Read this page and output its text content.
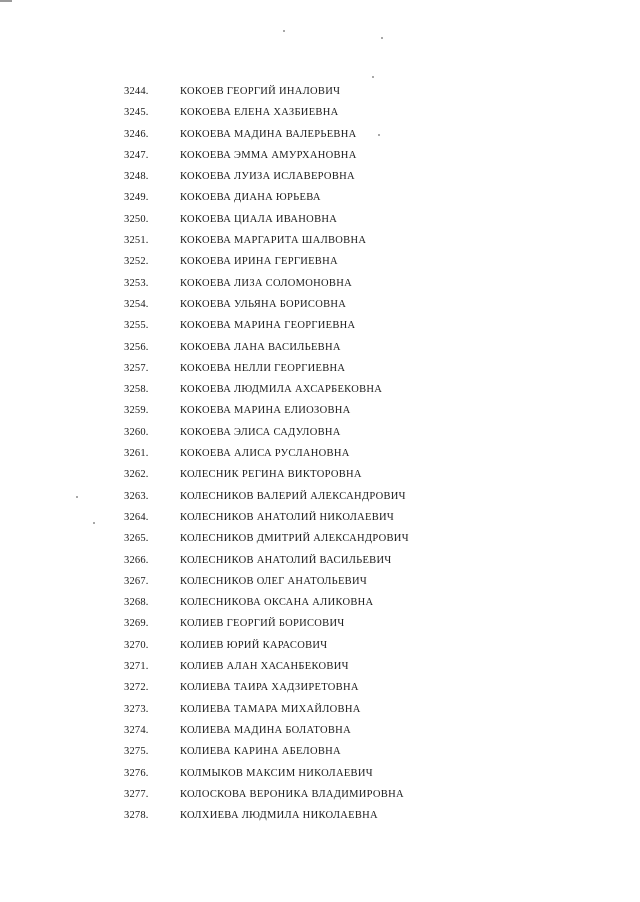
3244.	КОКОЕВ ГЕОРГИЙ ИНАЛОВИЧ
3245.	КОКОЕВА ЕЛЕНА ХАЗБИЕВНА
3246.	КОКОЕВА МАДИНА ВАЛЕРЬЕВНА
3247.	КОКОЕВА ЭММА АМУРХАНОВНА
3248.	КОКОЕВА ЛУИЗА ИСЛАВЕРОВНА
3249.	КОКОЕВА ДИАНА ЮРЬЕВА
3250.	КОКОЕВА ЦИАЛА ИВАНОВНА
3251.	КОКОЕВА МАРГАРИТА ШАЛВОВНА
3252.	КОКОЕВА ИРИНА ГЕРГИЕВНА
3253.	КОКОЕВА ЛИЗА СОЛОМОНОВНА
3254.	КОКОЕВА УЛЬЯНА БОРИСОВНА
3255.	КОКОЕВА МАРИНА ГЕОРГИЕВНА
3256.	КОКОЕВА ЛАНА ВАСИЛЬЕВНА
3257.	КОКОЕВА НЕЛЛИ ГЕОРГИЕВНА
3258.	КОКОЕВА ЛЮДМИЛА АХСАРБЕКОВНА
3259.	КОКОЕВА МАРИНА ЕЛИОЗОВНА
3260.	КОКОЕВА ЭЛИСА САДУЛОВНА
3261.	КОКОЕВА АЛИСА РУСЛАНОВНА
3262.	КОЛЕСНИК РЕГИНА ВИКТОРОВНА
3263.	КОЛЕСНИКОВ ВАЛЕРИЙ АЛЕКСАНДРОВИЧ
3264.	КОЛЕСНИКОВ АНАТОЛИЙ НИКОЛАЕВИЧ
3265.	КОЛЕСНИКОВ ДМИТРИЙ АЛЕКСАНДРОВИЧ
3266.	КОЛЕСНИКОВ АНАТОЛИЙ ВАСИЛЬЕВИЧ
3267.	КОЛЕСНИКОВ ОЛЕГ АНАТОЛЬЕВИЧ
3268.	КОЛЕСНИКОВА ОКСАНА АЛИКОВНА
3269.	КОЛИЕВ ГЕОРГИЙ БОРИСОВИЧ
3270.	КОЛИЕВ ЮРИЙ КАРАСОВИЧ
3271.	КОЛИЕВ АЛАН ХАСАНБЕКОВИЧ
3272.	КОЛИЕВА ТАИРА ХАДЗИРЕТОВНА
3273.	КОЛИЕВА ТАМАРА МИХАЙЛОВНА
3274.	КОЛИЕВА МАДИНА БОЛАТОВНА
3275.	КОЛИЕВА КАРИНА АБЕЛОВНА
3276.	КОЛМЫКОВ МАКСИМ НИКОЛАЕВИЧ
3277.	КОЛОСКОВА ВЕРОНИКА ВЛАДИМИРОВНА
3278.	КОЛХИЕВА ЛЮДМИЛА НИКОЛАЕВНА
